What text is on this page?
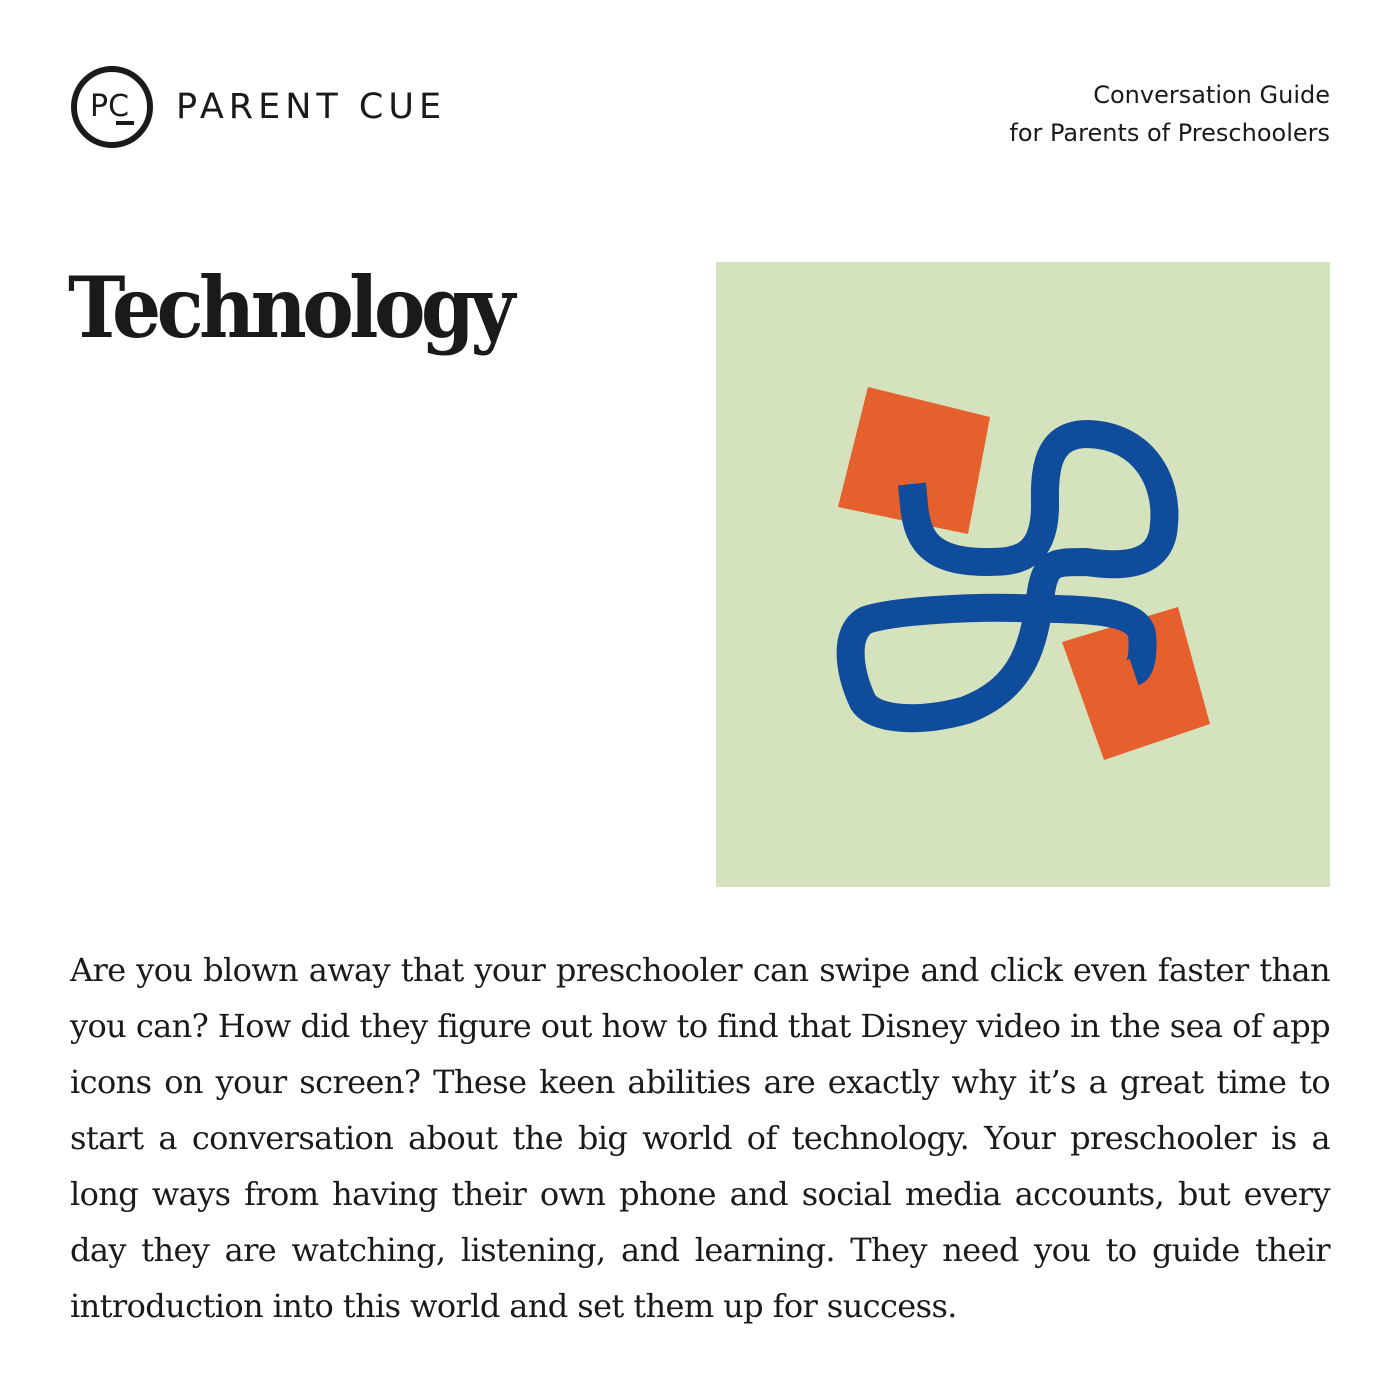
PC PARENT CUE	Conversation Guide
for Parents of Preschoolers
Technology

Are you blown away that your preschooler can swipe and click even faster than you can? How did they figure out how to find that Disney video in the sea of app icons on your screen? These keen abilities are exactly why it’s a great time to start a conversation about the big world of technology. Your preschooler is a long ways from having their own phone and social media accounts, but every day they are watching, listening, and learning. They need you to guide their introduction into this world and set them up for success.
